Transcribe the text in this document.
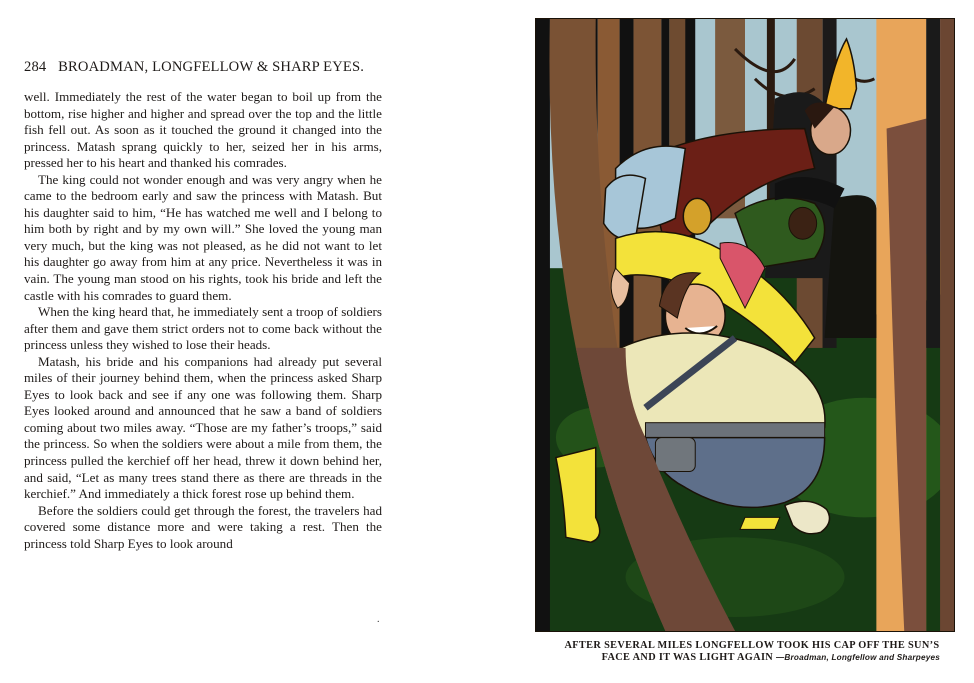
284 BROADMAN, LONGFELLOW & SHARP EYES.

well. Immediately the rest of the water began to boil up from the bottom, rise higher and higher and spread over the top and the little fish fell out. As soon as it touched the ground it changed into the princess. Matash sprang quickly to her, seized her in his arms, pressed her to his heart and thanked his comrades.

The king could not wonder enough and was very angry when he came to the bedroom early and saw the princess with Matash. But his daughter said to him, “He has watched me well and I belong to him both by right and by my own will.” She loved the young man very much, but the king was not pleased, as he did not want to let his daughter go away from him at any price. Nevertheless it was in vain. The young man stood on his rights, took his bride and left the castle with his comrades to guard them.

When the king heard that, he immediately sent a troop of soldiers after them and gave them strict orders not to come back without the princess unless they wished to lose their heads.

Matash, his bride and his companions had already put several miles of their journey behind them, when the princess asked Sharp Eyes to look back and see if any one was following them. Sharp Eyes looked around and announced that he saw a band of soldiers coming about two miles away. “Those are my father’s troops,” said the princess. So when the soldiers were about a mile from them, the princess pulled the kerchief off her head, threw it down behind her, and said, “Let as many trees stand there as there are threads in the kerchief.” And immediately a thick forest rose up behind them.

Before the soldiers could get through the forest, the travelers had covered some distance more and were taking a rest. Then the princess told Sharp Eyes to look around

.
AFTER SEVERAL MILES LONGFELLOW TOOK HIS CAP OFF THE SUN’S
FACE AND IT WAS LIGHT AGAIN —Broadman, Longfellow and Sharpeyes
